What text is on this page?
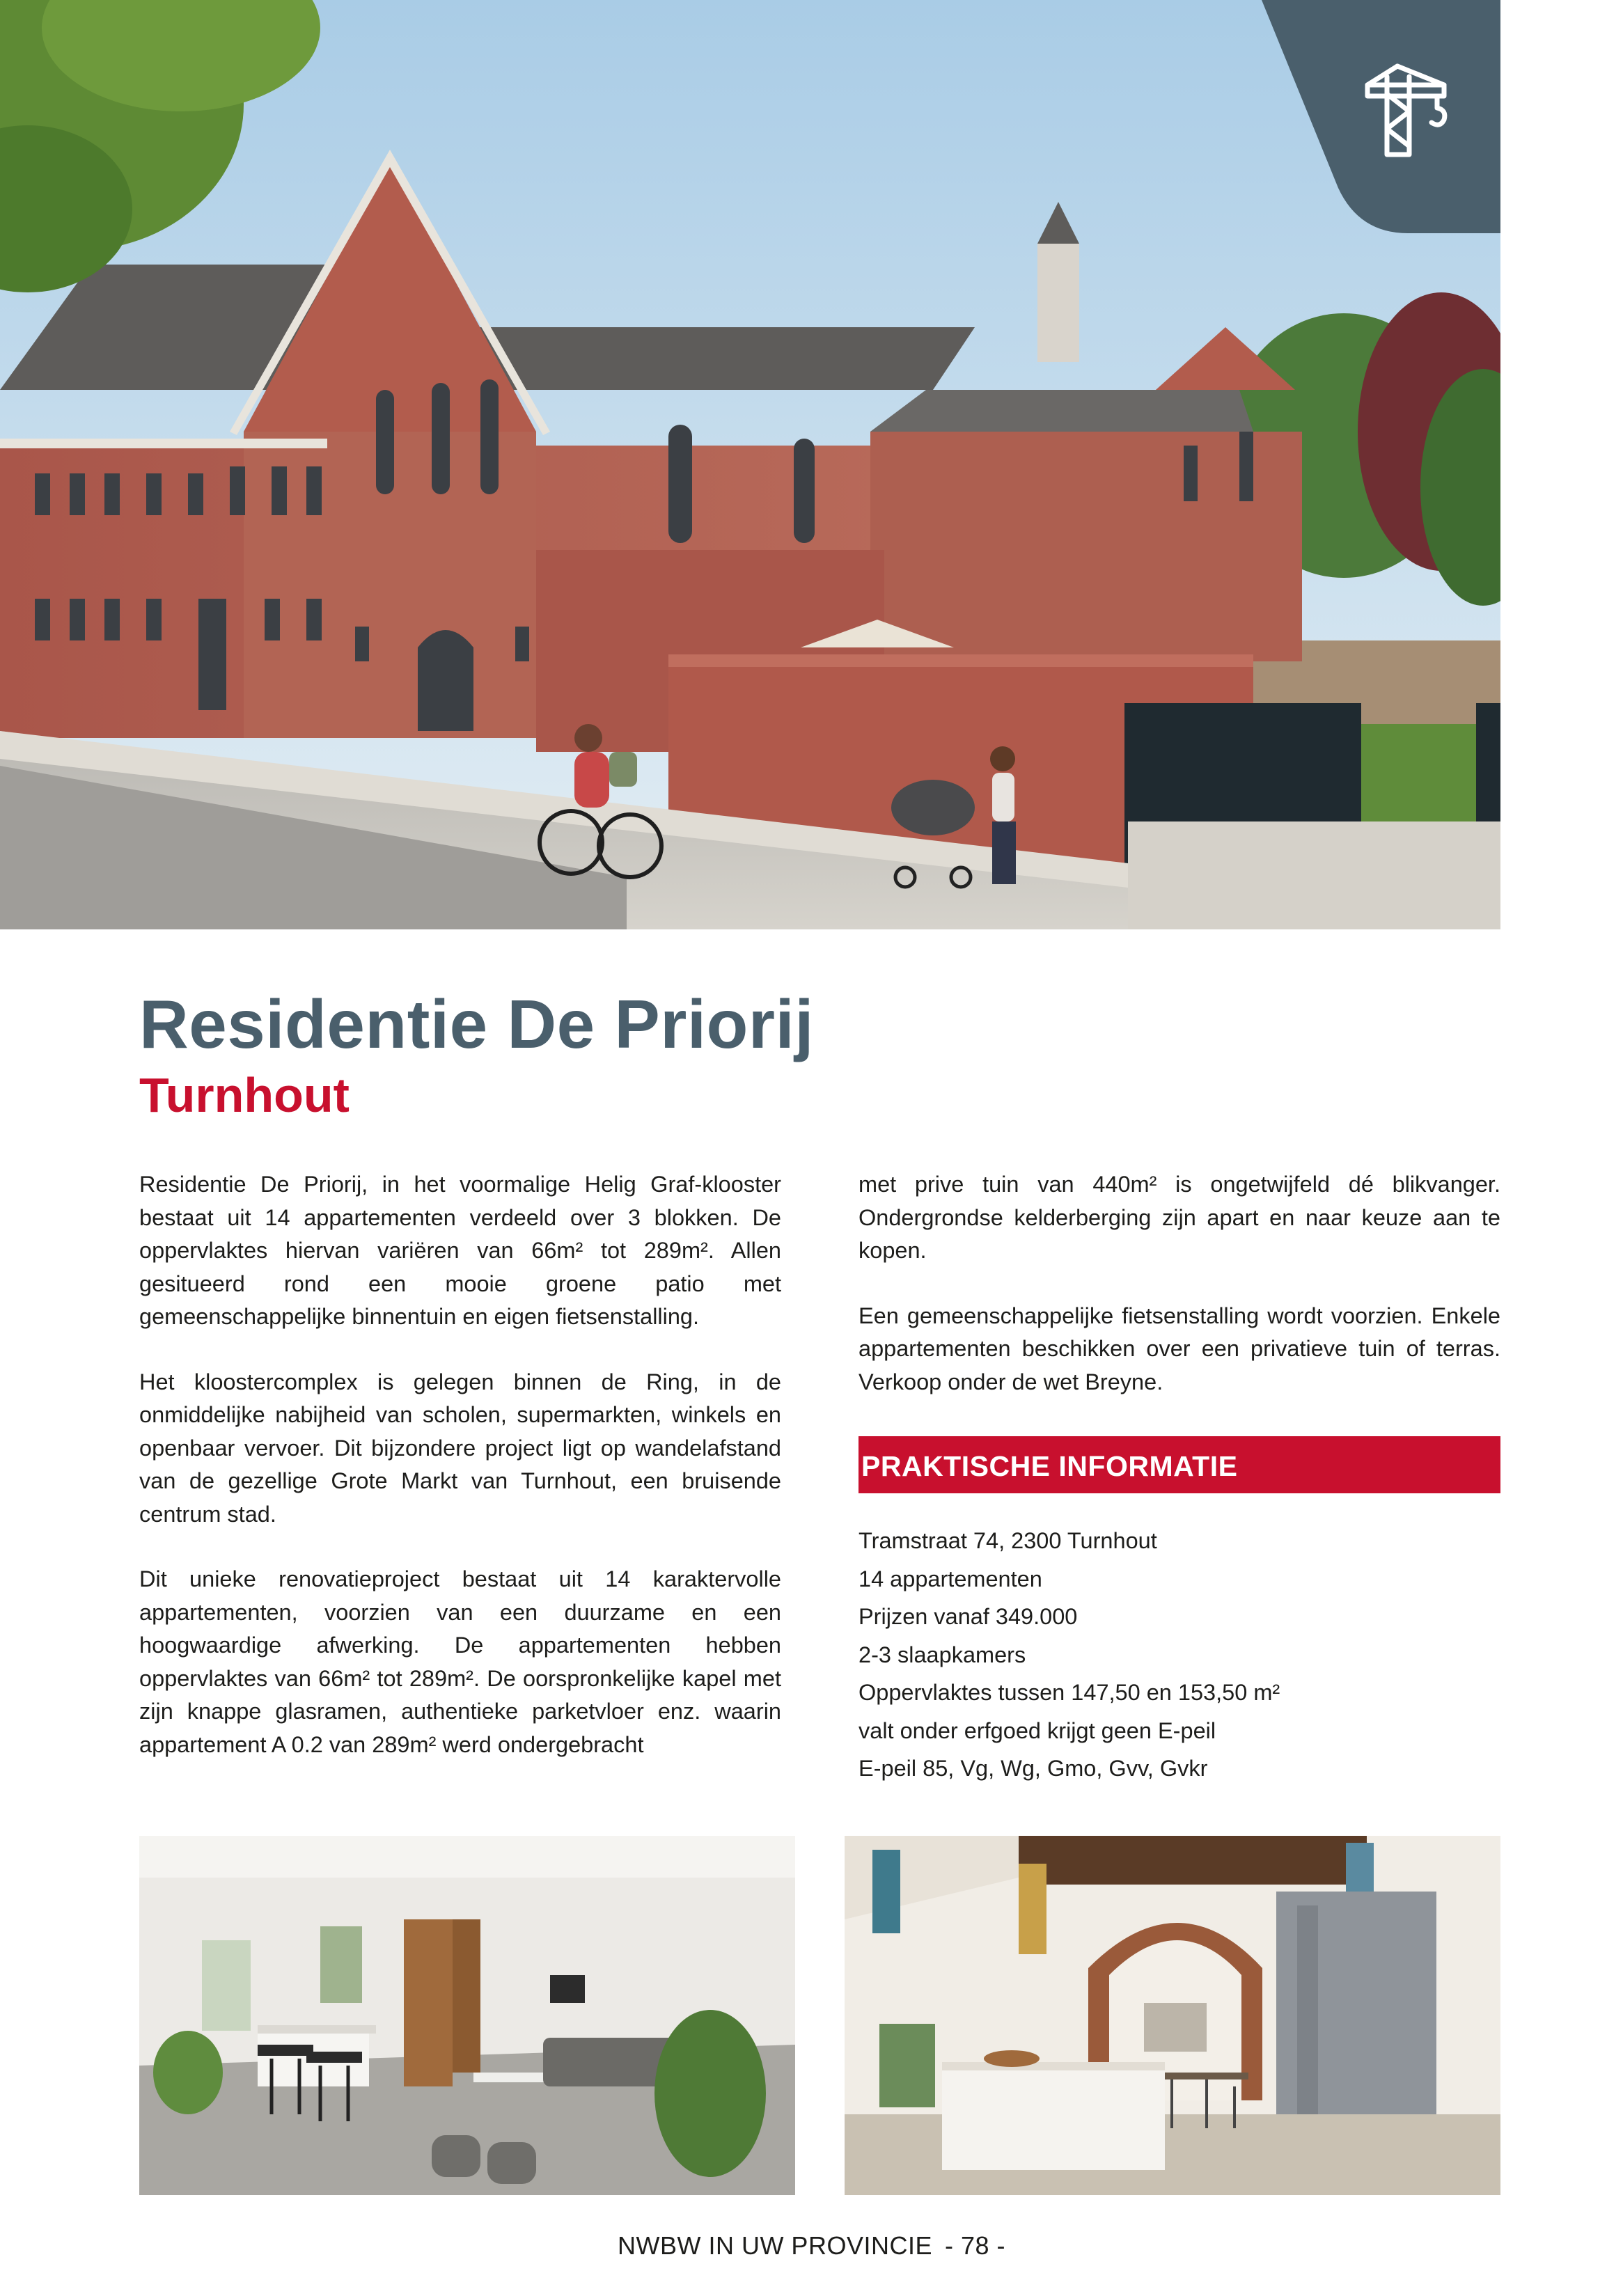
Residentie De Priorij
Turnhout

Residentie De Priorij, in het voormalige Helig Graf-klooster bestaat uit 14 appartementen verdeeld over 3 blokken. De oppervlaktes hiervan variëren van 66m² tot 289m². Allen gesitueerd rond een mooie groene patio met gemeenschappelijke binnentuin en eigen fietsenstalling.

Het kloostercomplex is gelegen binnen de Ring, in de onmiddelijke nabijheid van scholen, supermarkten, winkels en openbaar vervoer. Dit bijzondere project ligt op wandelafstand van de gezellige Grote Markt van Turnhout, een bruisende centrum stad.

Dit unieke renovatieproject bestaat uit 14 karaktervolle appartementen, voorzien van een duurzame en een hoogwaardige afwerking. De appartementen hebben oppervlaktes van 66m² tot 289m². De oorspronkelijke kapel met zijn knappe glasramen, authentieke parketvloer enz. waarin appartement A 0.2 van 289m² werd ondergebracht

met prive tuin van 440m² is ongetwijfeld dé blikvanger. Ondergrondse kelderberging zijn apart en naar keuze aan te kopen.

Een gemeenschappelijke fietsenstalling wordt voorzien. Enkele appartementen beschikken over een privatieve tuin of terras. Verkoop onder de wet Breyne.

PRAKTISCHE INFORMATIE
Tramstraat 74, 2300 Turnhout
14 appartementen
Prijzen vanaf 349.000
2-3 slaapkamers
Oppervlaktes tussen 147,50 en 153,50 m²
valt onder erfgoed krijgt geen E-peil
E-peil 85, Vg, Wg, Gmo, Gvv, Gvkr
NWBW IN UW PROVINCIE - 78 -
